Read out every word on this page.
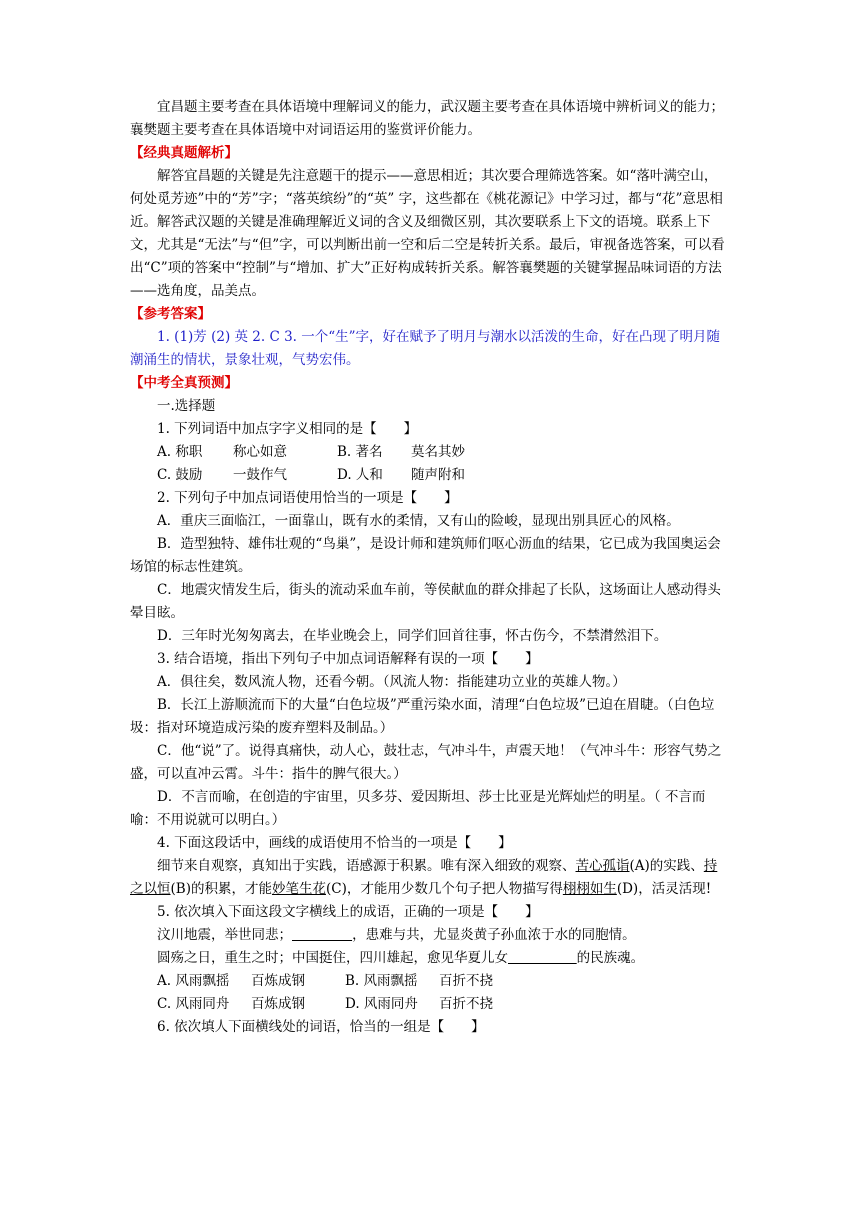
宜昌题主要考查在具体语境中理解词义的能力，武汉题主要考查在具体语境中辨析词义的能力；襄樊题主要考查在具体语境中对词语运用的鉴赏评价能力。

【经典真题解析】

解答宜昌题的关键是先注意题干的提示——意思相近；其次要合理筛选答案。如“落叶满空山，何处觅芳迹”中的“芳”字；“落英缤纷”的“英” 字，这些都在《桃花源记》中学习过，都与“花”意思相近。解答武汉题的关键是准确理解近义词的含义及细微区别，其次要联系上下文的语境。联系上下文，尤其是“无法”与“但”字，可以判断出前一空和后二空是转折关系。最后，审视备选答案，可以看出“C”项的答案中“控制”与“增加、扩大”正好构成转折关系。解答襄樊题的关键掌握品味词语的方法——选角度，品美点。

【参考答案】

1. (1)芳 (2) 英 2. C 3. 一个“生”字，好在赋予了明月与潮水以活泼的生命，好在凸现了明月随潮涌生的情状，景象壮观，气势宏伟。

【中考全真预测】

一.选择题

1. 下列词语中加点字字义相同的是【　　】

A. 称职 称心如意	B. 著名 莫名其妙

C. 鼓励 一鼓作气	D. 人和 随声附和

2. 下列句子中加点词语使用恰当的一项是【　　】

A．重庆三面临江，一面靠山，既有水的柔情，又有山的险峻，显现出别具匠心的风格。

B．造型独特、雄伟壮观的“鸟巢”，是设计师和建筑师们呕心沥血的结果，它已成为我国奥运会场馆的标志性建筑。

C．地震灾情发生后，街头的流动采血车前，等侯献血的群众排起了长队，这场面让人感动得头晕目眩。

D．三年时光匆匆离去，在毕业晚会上，同学们回首往事，怀古伤今，不禁潸然泪下。

3. 结合语境，指出下列句子中加点词语解释有误的一项【　　】

A．俱往矣，数风流人物，还看今朝。（风流人物：指能建功立业的英雄人物。）

B．长江上游顺流而下的大量“白色垃圾”严重污染水面，清理“白色垃圾”已迫在眉睫。（白色垃圾：指对环境造成污染的废弃塑料及制品。）

C．他“说”了。说得真痛快，动人心，鼓壮志，气冲斗牛，声震天地！（气冲斗牛：形容气势之盛，可以直冲云霄。斗牛：指牛的脾气很大。）

D．不言而喻，在创造的宇宙里，贝多芬、爱因斯坦、莎士比亚是光辉灿烂的明星。（ 不言而喻：不用说就可以明白。）

4. 下面这段话中，画线的成语使用不恰当的一项是【　　】

细节来自观察，真知出于实践，语感源于积累。唯有深入细致的观察、苦心孤诣(A)的实践、持之以恒(B)的积累，才能妙笔生花(C)，才能用少数几个句子把人物描写得栩栩如生(D)，活灵活现!

5. 依次填入下面这段文字横线上的成语，正确的一项是【　　】

汶川地震，举世同悲；	，患难与共，尤显炎黄子孙血浓于水的同胞情。

圆殇之日，重生之时；中国挺住，四川雄起，愈见华夏儿女	的民族魂。

A. 风雨飘摇 百炼成钢	B. 风雨飘摇 百折不挠

C. 风雨同舟 百炼成钢	D. 风雨同舟 百折不挠

6. 依次填人下面横线处的词语，恰当的一组是【　　】
